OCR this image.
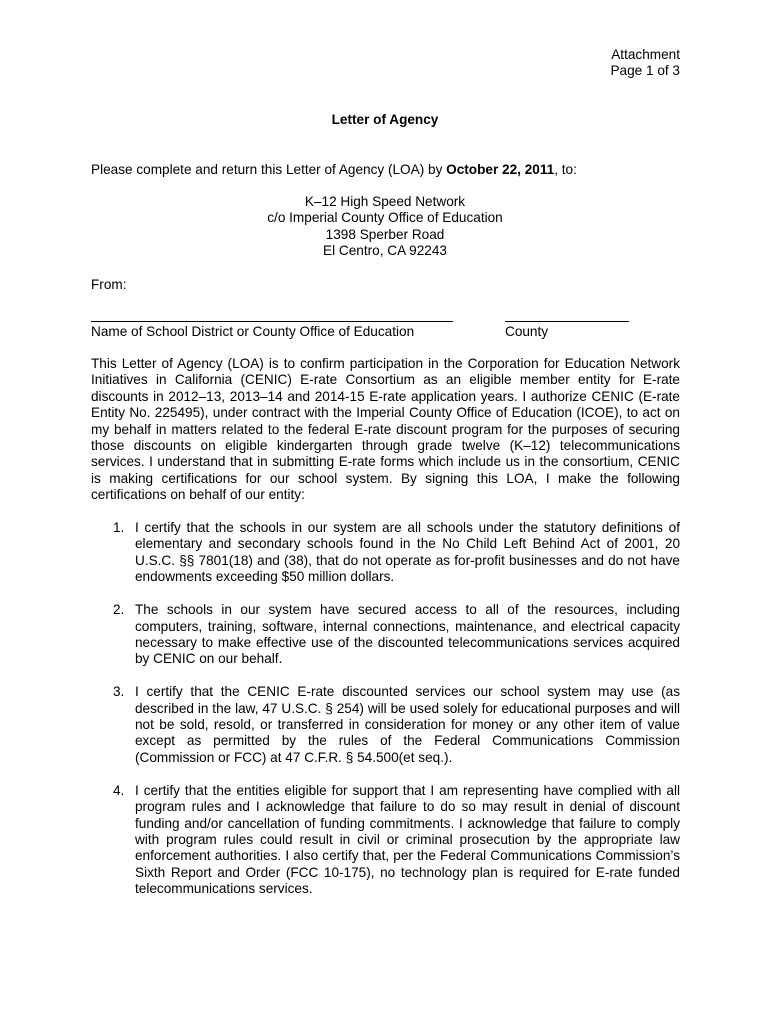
Attachment
Page 1 of 3
Letter of Agency
Please complete and return this Letter of Agency (LOA) by October 22, 2011, to:
K–12 High Speed Network
c/o Imperial County Office of Education
1398 Sperber Road
El Centro, CA 92243
From:
Name of School District or County Office of Education	County
This Letter of Agency (LOA) is to confirm participation in the Corporation for Education Network Initiatives in California (CENIC) E-rate Consortium as an eligible member entity for E-rate discounts in 2012–13, 2013–14 and 2014-15 E-rate application years. I authorize CENIC (E-rate Entity No. 225495), under contract with the Imperial County Office of Education (ICOE), to act on my behalf in matters related to the federal E-rate discount program for the purposes of securing those discounts on eligible kindergarten through grade twelve (K–12) telecommunications services. I understand that in submitting E-rate forms which include us in the consortium, CENIC is making certifications for our school system. By signing this LOA, I make the following certifications on behalf of our entity:
1. I certify that the schools in our system are all schools under the statutory definitions of elementary and secondary schools found in the No Child Left Behind Act of 2001, 20 U.S.C. §§ 7801(18) and (38), that do not operate as for-profit businesses and do not have endowments exceeding $50 million dollars.
2. The schools in our system have secured access to all of the resources, including computers, training, software, internal connections, maintenance, and electrical capacity necessary to make effective use of the discounted telecommunications services acquired by CENIC on our behalf.
3. I certify that the CENIC E-rate discounted services our school system may use (as described in the law, 47 U.S.C. § 254) will be used solely for educational purposes and will not be sold, resold, or transferred in consideration for money or any other item of value except as permitted by the rules of the Federal Communications Commission (Commission or FCC) at 47 C.F.R. § 54.500(et seq.).
4. I certify that the entities eligible for support that I am representing have complied with all program rules and I acknowledge that failure to do so may result in denial of discount funding and/or cancellation of funding commitments. I acknowledge that failure to comply with program rules could result in civil or criminal prosecution by the appropriate law enforcement authorities. I also certify that, per the Federal Communications Commission’s Sixth Report and Order (FCC 10-175), no technology plan is required for E-rate funded telecommunications services.
